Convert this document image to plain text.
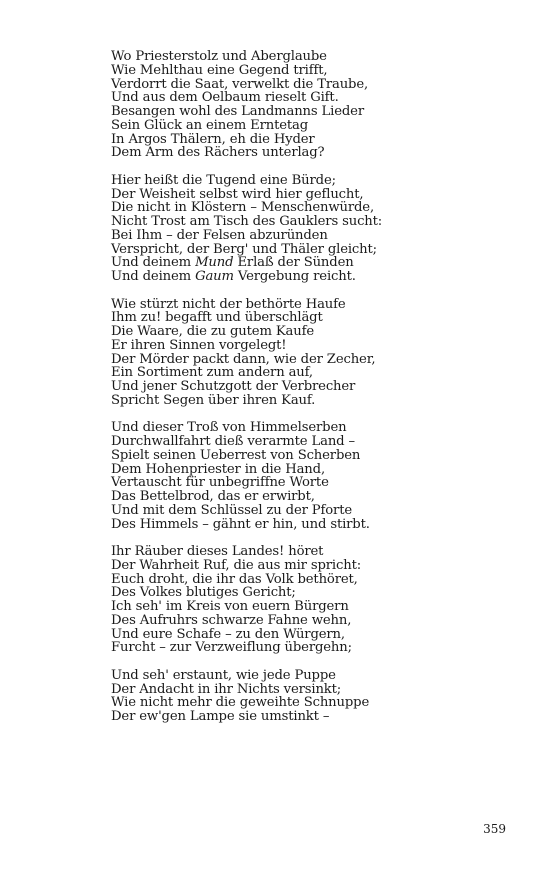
Wo Priesterstolz und Aberglaube
Wie Mehlthau eine Gegend trifft,
Verdorrt die Saat, verwelkt die Traube,
Und aus dem Oelbaum rieselt Gift.
Besangen wohl des Landmanns Lieder
Sein Glück an einem Erntetag
In Argos Thälern, eh die Hyder
Dem Arm des Rächers unterlag?
Hier heißt die Tugend eine Bürde;
Der Weisheit selbst wird hier geflucht,
Die nicht in Klöstern – Menschenwürde,
Nicht Trost am Tisch des Gauklers sucht:
Bei Ihm – der Felsen abzuründen
Verspricht, der Berg' und Thäler gleicht;
Und deinem Mund Erlaß der Sünden
Und deinem Gaum Vergebung reicht.
Wie stürzt nicht der bethörte Haufe
Ihm zu! begafft und überschlägt
Die Waare, die zu gutem Kaufe
Er ihren Sinnen vorgelegt!
Der Mörder packt dann, wie der Zecher,
Ein Sortiment zum andern auf,
Und jener Schutzgott der Verbrecher
Spricht Segen über ihren Kauf.
Und dieser Troß von Himmelserben
Durchwallfahrt dieß verarmte Land –
Spielt seinen Ueberrest von Scherben
Dem Hohenpriester in die Hand,
Vertauscht für unbegriffne Worte
Das Bettelbrod, das er erwirbt,
Und mit dem Schlüssel zu der Pforte
Des Himmels – gähnt er hin, und stirbt.
Ihr Räuber dieses Landes! höret
Der Wahrheit Ruf, die aus mir spricht:
Euch droht, die ihr das Volk bethöret,
Des Volkes blutiges Gericht;
Ich seh' im Kreis von euern Bürgern
Des Aufruhrs schwarze Fahne wehn,
Und eure Schafe – zu den Würgern,
Furcht – zur Verzweiflung übergehn;
Und seh' erstaunt, wie jede Puppe
Der Andacht in ihr Nichts versinkt;
Wie nicht mehr die geweihte Schnuppe
Der ew'gen Lampe sie umstinkt –
359
